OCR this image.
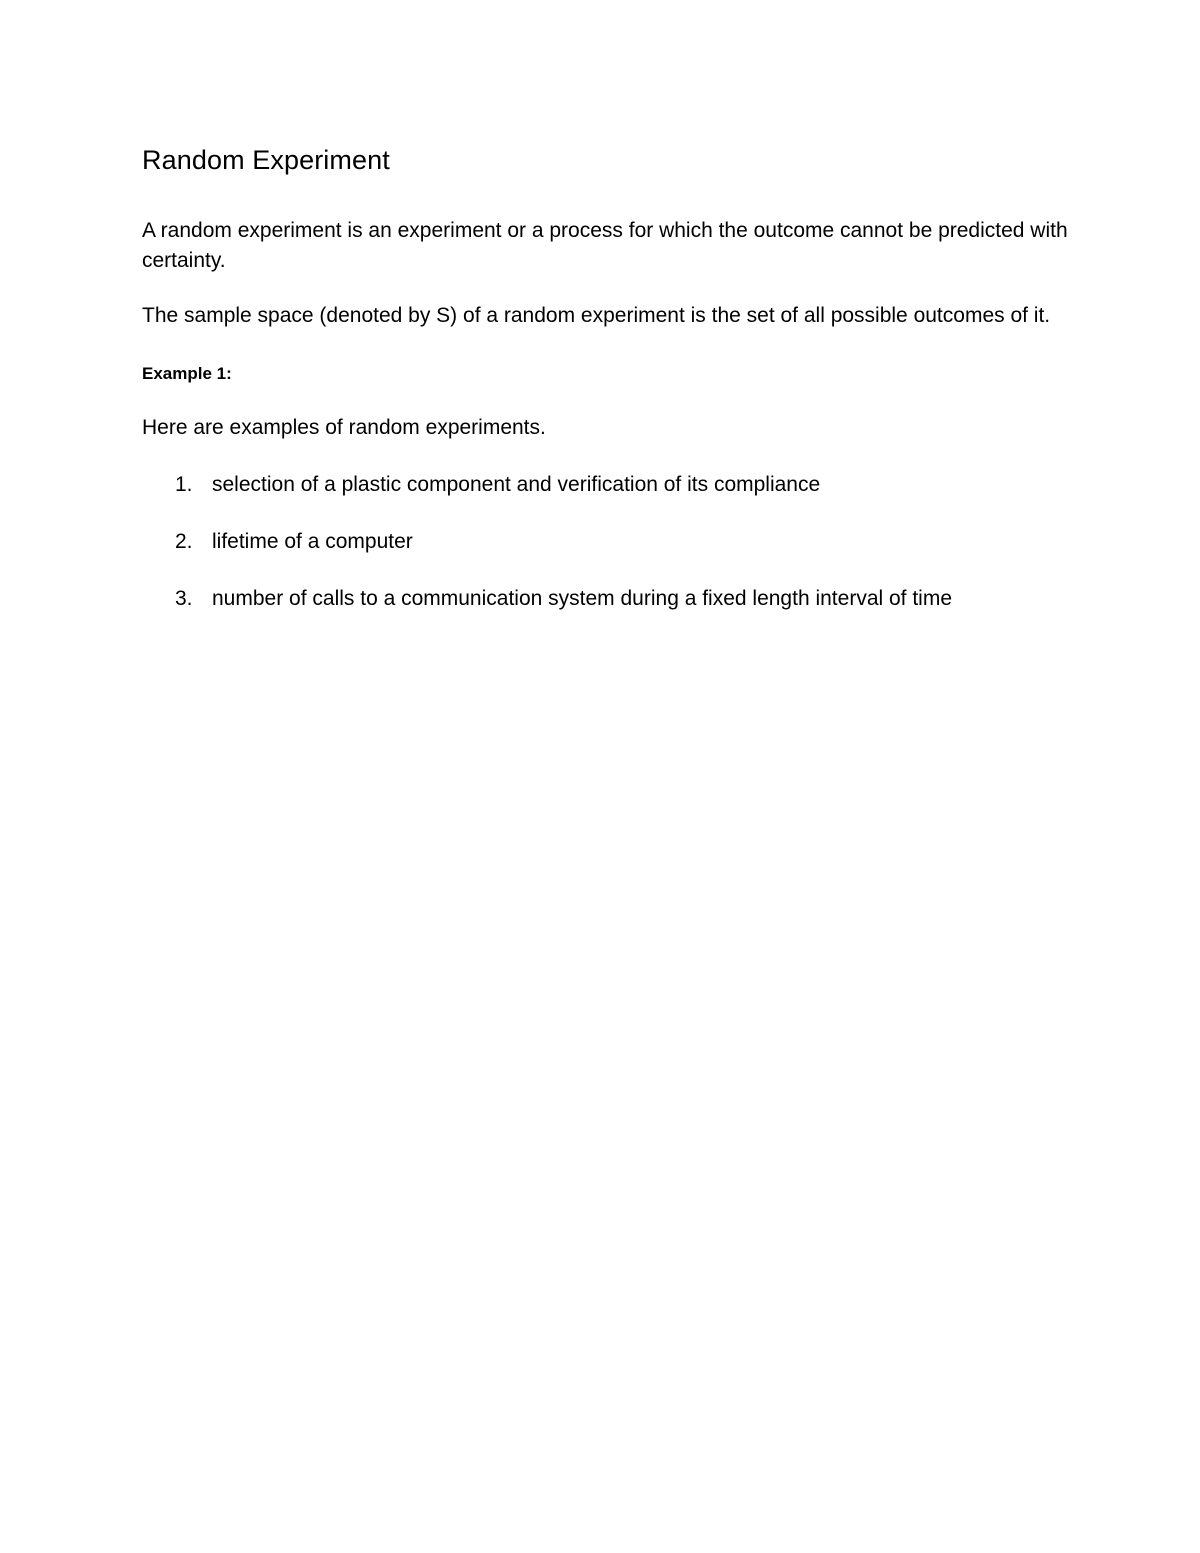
Random Experiment

A random experiment is an experiment or a process for which the outcome cannot be predicted with certainty.

The sample space (denoted by S) of a random experiment is the set of all possible outcomes of it.

Example 1:

Here are examples of random experiments.

1. selection of a plastic component and verification of its compliance
2. lifetime of a computer
3. number of calls to a communication system during a fixed length interval of time
